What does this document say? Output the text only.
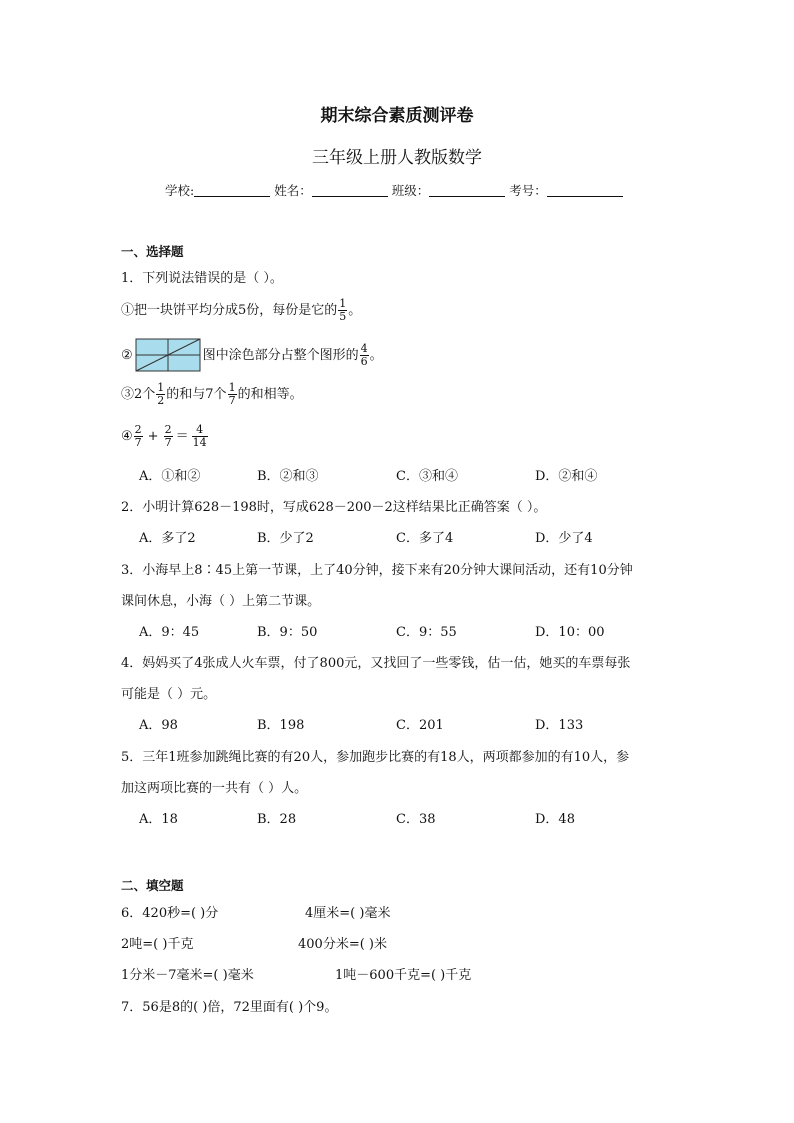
期末综合素质测评卷
三年级上册人教版数学
学校:	姓名：	班级：	考号：
一、选择题
1．下列说法错误的是（ ）。
①把一块饼平均分成5份，每份是它的 $\frac{1}{5}$ 。
②	图中涂色部分占整个图形的 $\frac{4}{6}$ 。
③2个 $\frac{1}{2}$ 的和与7个 $\frac{1}{7}$ 的和相等。
④ $\frac{2}{7} + \frac{2}{7} = \frac{4}{14}$
A．①和②	B．②和③	C．③和④	D．②和④
2．小明计算628－198时，写成628－200－2这样结果比正确答案（ ）。
A．多了2	B．少了2	C．多了4	D．少了4
3．小海早上8∶45上第一节课，上了40分钟，接下来有20分钟大课间活动，还有10分钟
课间休息，小海（ ）上第二节课。
A．9：45	B．9：50	C．9：55	D．10：00
4．妈妈买了4张成人火车票，付了800元，又找回了一些零钱，估一估，她买的车票每张
可能是（ ）元。
A．98	B．198	C．201	D．133
5．三年1班参加跳绳比赛的有20人，参加跑步比赛的有18人，两项都参加的有10人，参
加这两项比赛的一共有（ ）人。
A．18	B．28	C．38	D．48
二、填空题
6．420秒=( )分	4厘米=( )毫米
2吨=( )千克	400分米=( )米
1分米－7毫米=( )毫米	1吨－600千克=( )千克
7．56是8的( )倍，72里面有( )个9。
